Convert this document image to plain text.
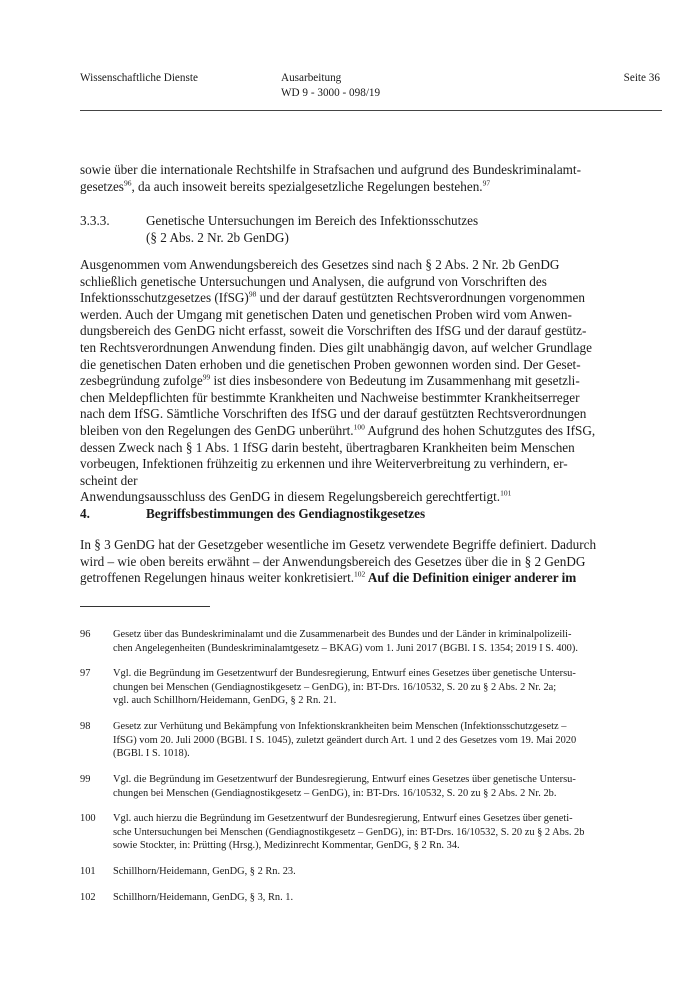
Wissenschaftliche Dienste	Ausarbeitung
WD 9 - 3000 - 098/19
Seite 36
sowie über die internationale Rechtshilfe in Strafsachen und aufgrund des Bundeskriminalamt-
gesetzes$^{96}$, da auch insoweit bereits spezialgesetzliche Regelungen bestehen.$^{97}$
3.3.3.	Genetische Untersuchungen im Bereich des Infektionsschutzes
(§ 2 Abs. 2 Nr. 2b GenDG)
Ausgenommen vom Anwendungsbereich des Gesetzes sind nach § 2 Abs. 2 Nr. 2b GenDG
schließlich genetische Untersuchungen und Analysen, die aufgrund von Vorschriften des
Infektionsschutzgesetzes (IfSG)$^{98}$ und der darauf gestützten Rechtsverordnungen vorgenommen
werden. Auch der Umgang mit genetischen Daten und genetischen Proben wird vom Anwen-
dungsbereich des GenDG nicht erfasst, soweit die Vorschriften des IfSG und der darauf gestütz-
ten Rechtsverordnungen Anwendung finden. Dies gilt unabhängig davon, auf welcher Grundlage
die genetischen Daten erhoben und die genetischen Proben gewonnen worden sind. Der Geset-
zesbegründung zufolge$^{99}$ ist dies insbesondere von Bedeutung im Zusammenhang mit gesetzli-
chen Meldepflichten für bestimmte Krankheiten und Nachweise bestimmter Krankheitserreger
nach dem IfSG. Sämtliche Vorschriften des IfSG und der darauf gestützten Rechtsverordnungen
bleiben von den Regelungen des GenDG unberührt.$^{100}$ Aufgrund des hohen Schutzgutes des IfSG,
dessen Zweck nach § 1 Abs. 1 IfSG darin besteht, übertragbaren Krankheiten beim Menschen
vorbeugen, Infektionen frühzeitig zu erkennen und ihre Weiterverbreitung zu verhindern, er-
scheint der
Anwendungsausschluss des GenDG in diesem Regelungsbereich gerechtfertigt.$^{101}$
4.	Begriffsbestimmungen des Gendiagnostikgesetzes
In § 3 GenDG hat der Gesetzgeber wesentliche im Gesetz verwendete Begriffe definiert. Dadurch
wird – wie oben bereits erwähnt – der Anwendungsbereich des Gesetzes über die in § 2 GenDG
getroffenen Regelungen hinaus weiter konkretisiert.$^{102}$ Auf die Definition einiger anderer im
96 Gesetz über das Bundeskriminalamt und die Zusammenarbeit des Bundes und der Länder in kriminalpolizeili-
chen Angelegenheiten (Bundeskriminalamtgesetz – BKAG) vom 1. Juni 2017 (BGBl. I S. 1354; 2019 I S. 400).
97 Vgl. die Begründung im Gesetzentwurf der Bundesregierung, Entwurf eines Gesetzes über genetische Untersu-
chungen bei Menschen (Gendiagnostikgesetz – GenDG), in: BT-Drs. 16/10532, S. 20 zu § 2 Abs. 2 Nr. 2a;
vgl. auch Schillhorn/Heidemann, GenDG, § 2 Rn. 21.
98 Gesetz zur Verhütung und Bekämpfung von Infektionskrankheiten beim Menschen (Infektionsschutzgesetz –
IfSG) vom 20. Juli 2000 (BGBl. I S. 1045), zuletzt geändert durch Art. 1 und 2 des Gesetzes vom 19. Mai 2020
(BGBl. I S. 1018).
99 Vgl. die Begründung im Gesetzentwurf der Bundesregierung, Entwurf eines Gesetzes über genetische Untersu-
chungen bei Menschen (Gendiagnostikgesetz – GenDG), in: BT-Drs. 16/10532, S. 20 zu § 2 Abs. 2 Nr. 2b.
100 Vgl. auch hierzu die Begründung im Gesetzentwurf der Bundesregierung, Entwurf eines Gesetzes über geneti-
sche Untersuchungen bei Menschen (Gendiagnostikgesetz – GenDG), in: BT-Drs. 16/10532, S. 20 zu § 2 Abs. 2b
sowie Stockter, in: Prütting (Hrsg.), Medizinrecht Kommentar, GenDG, § 2 Rn. 34.
101 Schillhorn/Heidemann, GenDG, § 2 Rn. 23.
102 Schillhorn/Heidemann, GenDG, § 3, Rn. 1.
